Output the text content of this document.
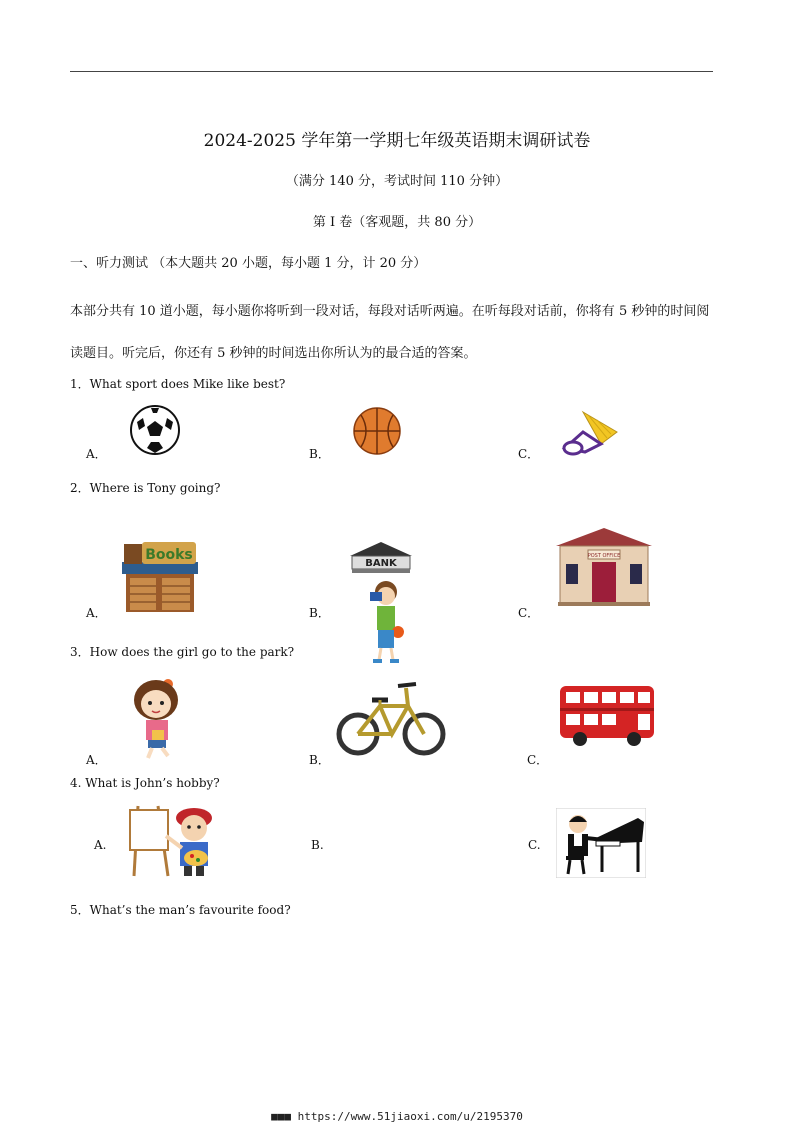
2024-2025 学年第一学期七年级英语期末调研试卷
（满分 140 分，考试时间 110 分钟）
第 I 卷（客观题，共 80 分）
一、听力测试 （本大题共 20 小题，每小题 1 分，计 20 分）
本部分共有 10 道小题，每小题你将听到一段对话，每段对话听两遍。在听每段对话前，你将有 5 秒钟的时间阅读题目。听完后，你还有 5 秒钟的时间选出你所认为的最合适的答案。
1．What sport does Mike like best?
A．	B．	C．
2．Where is Tony going?
A．
Books
B．
BANK
C．
POST OFFICE
3．How does the girl go to the park?
A．	B．	C．
4. What is John’s hobby?
A.	B.	C.
5．What’s the man’s favourite food?
■■■ https://www.51jiaoxi.com/u/2195370
